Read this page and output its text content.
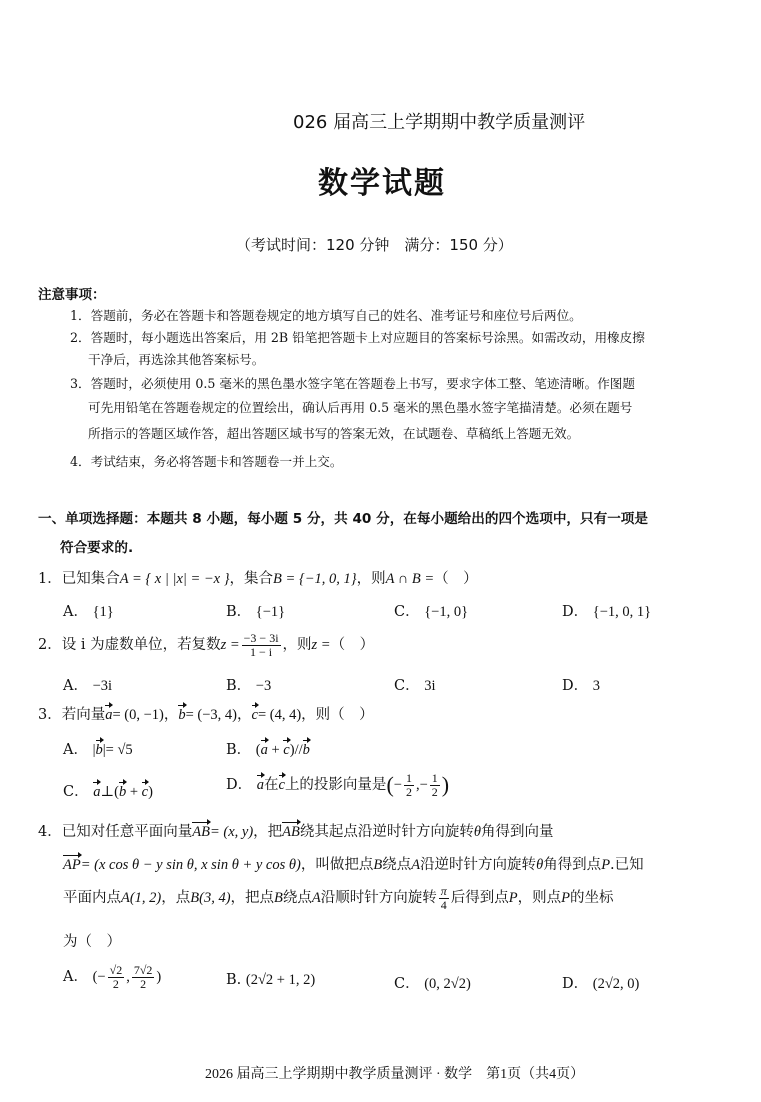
026 届高三上学期期中教学质量测评
数学试题
（考试时间：120 分钟　满分：150 分）
注意事项：
1．答题前，务必在答题卡和答题卷规定的地方填写自己的姓名、准考证号和座位号后两位。
2．答题时，每小题选出答案后，用 2B 铅笔把答题卡上对应题目的答案标号涂黑。如需改动，用橡皮擦
干净后，再选涂其他答案标号。
3．答题时，必须使用 0.5 毫米的黑色墨水签字笔在答题卷上书写，要求字体工整、笔迹清晰。作图题
可先用铅笔在答题卷规定的位置绘出，确认后再用 0.5 毫米的黑色墨水签字笔描清楚。必须在题号
所指示的答题区域作答，超出答题区域书写的答案无效，在试题卷、草稿纸上答题无效。
4．考试结束，务必将答题卡和答题卷一并上交。
一、单项选择题：本题共 8 小题，每小题 5 分，共 40 分，在每小题给出的四个选项中，只有一项是
符合要求的.
1．已知集合A = { x | |x| = −x }，集合B = {−1, 0, 1}，则A ∩ B =（　）
A． {1}	B． {−1}	C． {−1, 0}	D． {−1, 0, 1}
2．设 i 为虚数单位，若复数$z = \frac{-3 - 3i}{1 - i}$ ，则z =（　）
A． −3i	B． −3	C． 3i	D． 3
3．若向量a= (0, −1)，b= (−3, 4)，c= (4, 4)，则（　）
A． |b|= √5	B． (a + c)//b
C． a⊥(b + c)	D． a在c上的投影向量是(− $\frac{1}{2}$ ,− $\frac{1}{2}$ )
4．已知对任意平面向量AB= (x, y)，把AB绕其起点沿逆时针方向旋转θ角得到向量
AP= (x cos θ − y sin θ, x sin θ + y cos θ)，叫做把点B绕点A沿逆时针方向旋转θ角得到点P.已知
平面内点A(1, 2)，点B(3, 4)，把点B绕点A沿顺时针方向旋转 $\frac{\pi}{4}$ 后得到点P，则点P的坐标
为（　）
A． (− $\frac{√2}{2}$ , $\frac{7√2}{2}$ )	B. (2√2 + 1, 2)	C． (0, 2√2)	D． (2√2, 0)
2026 届高三上学期期中教学质量测评 · 数学　第1页（共4页）
